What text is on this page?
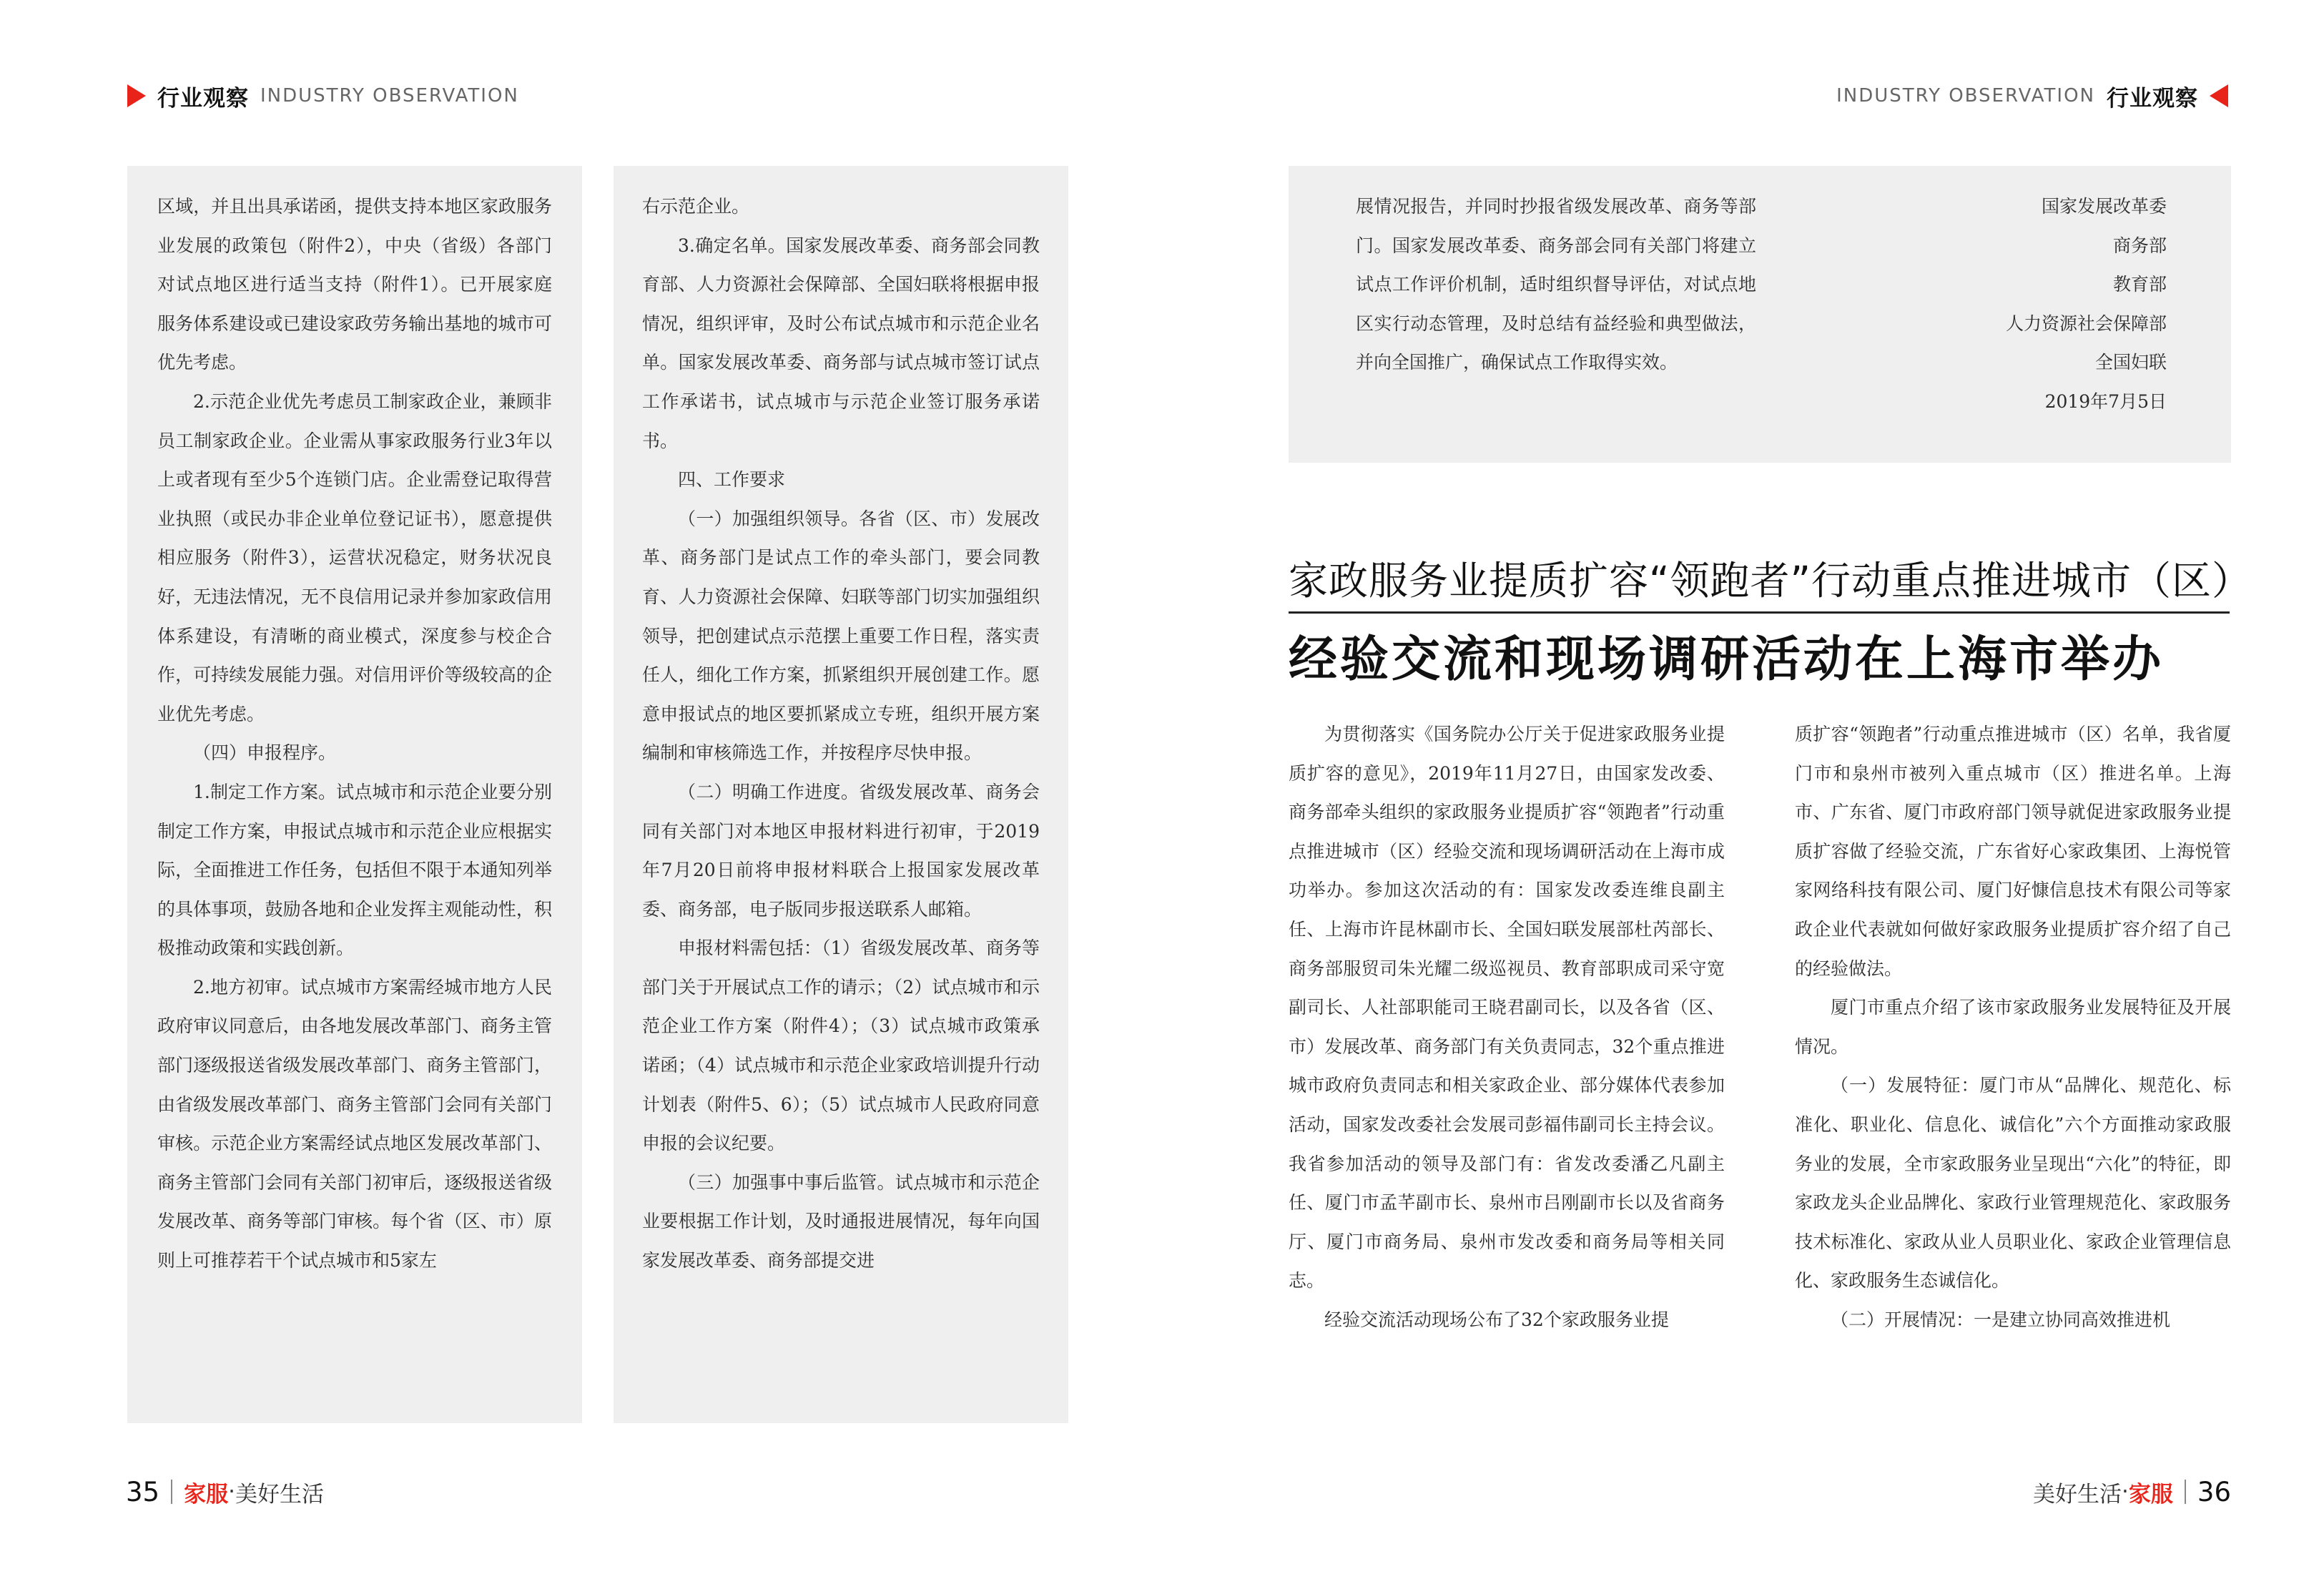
行业观察 INDUSTRY OBSERVATION	INDUSTRY OBSERVATION 行业观察

区域，并且出具承诺函，提供支持本地区家政服务业发展的政策包（附件2），中央（省级）各部门对试点地区进行适当支持（附件1）。已开展家庭服务体系建设或已建设家政劳务输出基地的城市可优先考虑。

2.示范企业优先考虑员工制家政企业，兼顾非员工制家政企业。企业需从事家政服务行业3年以上或者现有至少5个连锁门店。企业需登记取得营业执照（或民办非企业单位登记证书），愿意提供相应服务（附件3），运营状况稳定，财务状况良好，无违法情况，无不良信用记录并参加家政信用体系建设，有清晰的商业模式，深度参与校企合作，可持续发展能力强。对信用评价等级较高的企业优先考虑。

（四）申报程序。

1.制定工作方案。试点城市和示范企业要分别制定工作方案，申报试点城市和示范企业应根据实际，全面推进工作任务，包括但不限于本通知列举的具体事项，鼓励各地和企业发挥主观能动性，积极推动政策和实践创新。

2.地方初审。试点城市方案需经城市地方人民政府审议同意后，由各地发展改革部门、商务主管部门逐级报送省级发展改革部门、商务主管部门，由省级发展改革部门、商务主管部门会同有关部门审核。示范企业方案需经试点地区发展改革部门、商务主管部门会同有关部门初审后，逐级报送省级发展改革、商务等部门审核。每个省（区、市）原则上可推荐若干个试点城市和5家左

右示范企业。

3.确定名单。国家发展改革委、商务部会同教育部、人力资源社会保障部、全国妇联将根据申报情况，组织评审，及时公布试点城市和示范企业名单。国家发展改革委、商务部与试点城市签订试点工作承诺书，试点城市与示范企业签订服务承诺书。

四、工作要求

（一）加强组织领导。各省（区、市）发展改革、商务部门是试点工作的牵头部门，要会同教育、人力资源社会保障、妇联等部门切实加强组织领导，把创建试点示范摆上重要工作日程，落实责任人，细化工作方案，抓紧组织开展创建工作。愿意申报试点的地区要抓紧成立专班，组织开展方案编制和审核筛选工作，并按程序尽快申报。

（二）明确工作进度。省级发展改革、商务会同有关部门对本地区申报材料进行初审，于2019年7月20日前将申报材料联合上报国家发展改革委、商务部，电子版同步报送联系人邮箱。

申报材料需包括：（1）省级发展改革、商务等部门关于开展试点工作的请示；（2）试点城市和示范企业工作方案（附件4）；（3）试点城市政策承诺函；（4）试点城市和示范企业家政培训提升行动计划表（附件5、6）；（5）试点城市人民政府同意申报的会议纪要。

（三）加强事中事后监管。试点城市和示范企业要根据工作计划，及时通报进展情况，每年向国家发展改革委、商务部提交进

展情况报告，并同时抄报省级发展改革、商务等部门。国家发展改革委、商务部会同有关部门将建立试点工作评价机制，适时组织督导评估，对试点地区实行动态管理，及时总结有益经验和典型做法，并向全国推广，确保试点工作取得实效。

国家发展改革委

商务部

教育部

人力资源社会保障部

全国妇联

2019年7月5日

家政服务业提质扩容“领跑者”行动重点推进城市（区）
经验交流和现场调研活动在上海市举办

为贯彻落实《国务院办公厅关于促进家政服务业提质扩容的意见》，2019年11月27日，由国家发改委、商务部牵头组织的家政服务业提质扩容“领跑者”行动重点推进城市（区）经验交流和现场调研活动在上海市成功举办。参加这次活动的有：国家发改委连维良副主任、上海市许昆林副市长、全国妇联发展部杜芮部长、商务部服贸司朱光耀二级巡视员、教育部职成司采守宽副司长、人社部职能司王晓君副司长，以及各省（区、市）发展改革、商务部门有关负责同志，32个重点推进城市政府负责同志和相关家政企业、部分媒体代表参加活动，国家发改委社会发展司彭福伟副司长主持会议。我省参加活动的领导及部门有：省发改委潘乙凡副主任、厦门市孟芊副市长、泉州市吕刚副市长以及省商务厅、厦门市商务局、泉州市发改委和商务局等相关同志。

经验交流活动现场公布了32个家政服务业提

质扩容“领跑者”行动重点推进城市（区）名单，我省厦门市和泉州市被列入重点城市（区）推进名单。上海市、广东省、厦门市政府部门领导就促进家政服务业提质扩容做了经验交流，广东省好心家政集团、上海悦管家网络科技有限公司、厦门好慷信息技术有限公司等家政企业代表就如何做好家政服务业提质扩容介绍了自己的经验做法。

厦门市重点介绍了该市家政服务业发展特征及开展情况。

（一）发展特征：厦门市从“品牌化、规范化、标准化、职业化、信息化、诚信化”六个方面推动家政服务业的发展，全市家政服务业呈现出“六化”的特征，即家政龙头企业品牌化、家政行业管理规范化、家政服务技术标准化、家政从业人员职业化、家政企业管理信息化、家政服务生态诚信化。

（二）开展情况：一是建立协同高效推进机

35 家服 · 美好生活	美好生活 · 家服 36
